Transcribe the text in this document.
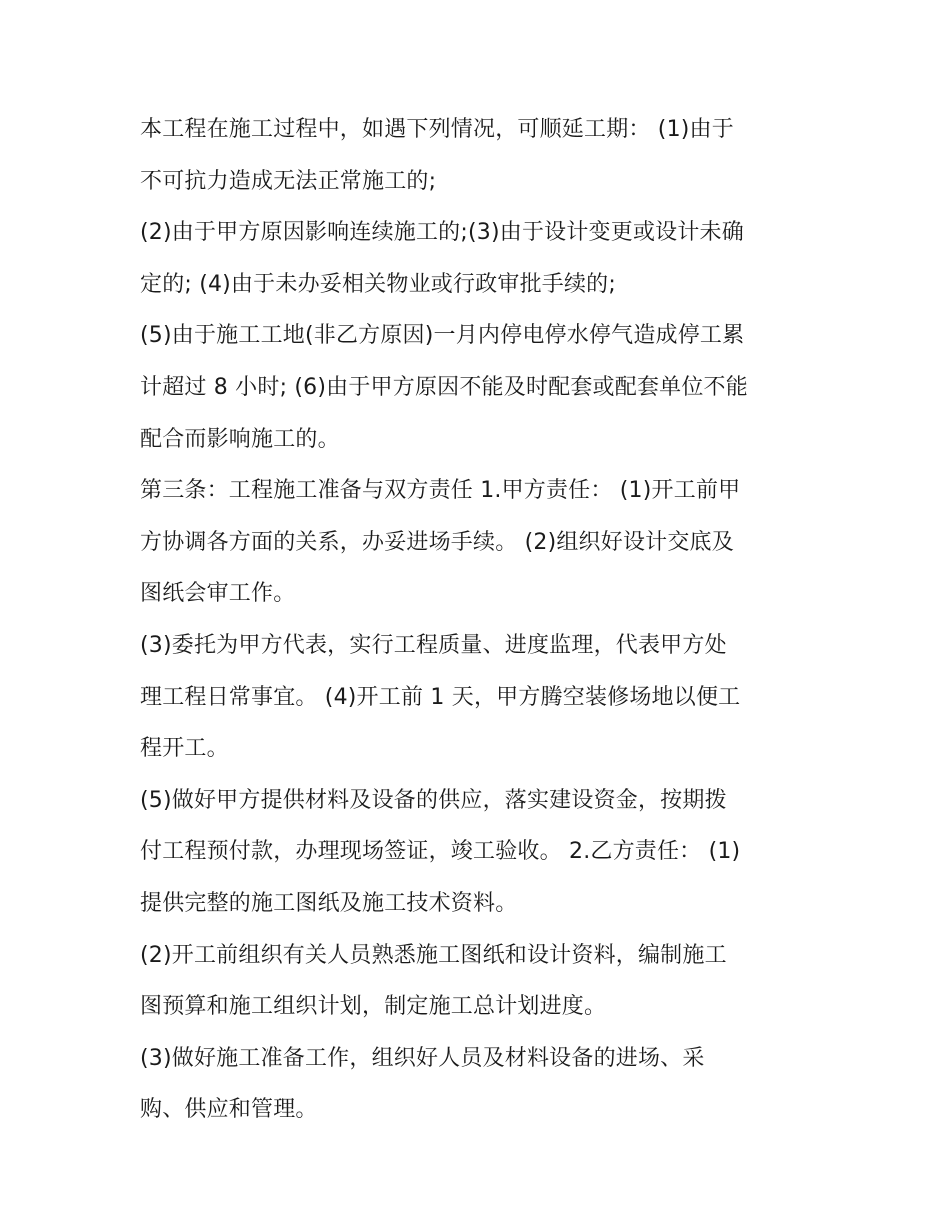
本工程在施工过程中，如遇下列情况，可顺延工期： (1)由于
不可抗力造成无法正常施工的;
(2)由于甲方原因影响连续施工的;(3)由于设计变更或设计未确
定的; (4)由于未办妥相关物业或行政审批手续的;
(5)由于施工工地(非乙方原因)一月内停电停水停气造成停工累
计超过 8 小时; (6)由于甲方原因不能及时配套或配套单位不能
配合而影响施工的。
第三条：工程施工准备与双方责任 1.甲方责任： (1)开工前甲
方协调各方面的关系，办妥进场手续。 (2)组织好设计交底及
图纸会审工作。
(3)委托为甲方代表，实行工程质量、进度监理，代表甲方处
理工程日常事宜。 (4)开工前 1 天，甲方腾空装修场地以便工
程开工。
(5)做好甲方提供材料及设备的供应，落实建设资金，按期拨
付工程预付款，办理现场签证，竣工验收。 2.乙方责任： (1)
提供完整的施工图纸及施工技术资料。
(2)开工前组织有关人员熟悉施工图纸和设计资料，编制施工
图预算和施工组织计划，制定施工总计划进度。
(3)做好施工准备工作，组织好人员及材料设备的进场、采
购、供应和管理。
